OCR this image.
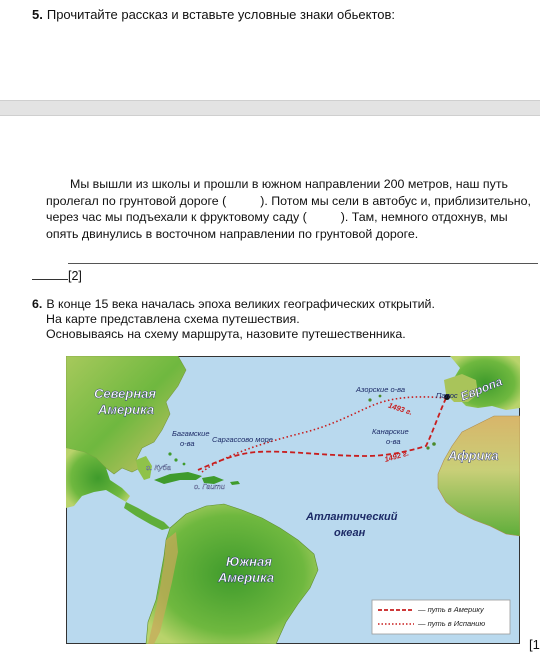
5. Прочитайте рассказ и вставьте условные знаки обьектов:

Мы вышли из школы и прошли в южном направлении 200 метров, наш путь пролегал по грунтовой дороге (	). Потом мы сели в автобус и, приблизительно, через час мы подъехали к фруктовому саду (	). Там, немного отдохнув, мы опять двинулись в восточном направлении по грунтовой дороге.

[2]
6. В конце 15 века началась эпоха великих географических открытий.
На карте представлена схема путешествия.
Основываясь на схему маршрута, назовите путешественника.
Северная
Америка
Европа
Африка
Южная
Америка
Атлантический
океан
Азорские о-ва
Палос
Канарские
о-ва
Багамские
о-ва Саргассово море
о. Куба
о. Гаити
1493 г.
1492 г.
— путь в Америку
— путь в Испанию
[1
